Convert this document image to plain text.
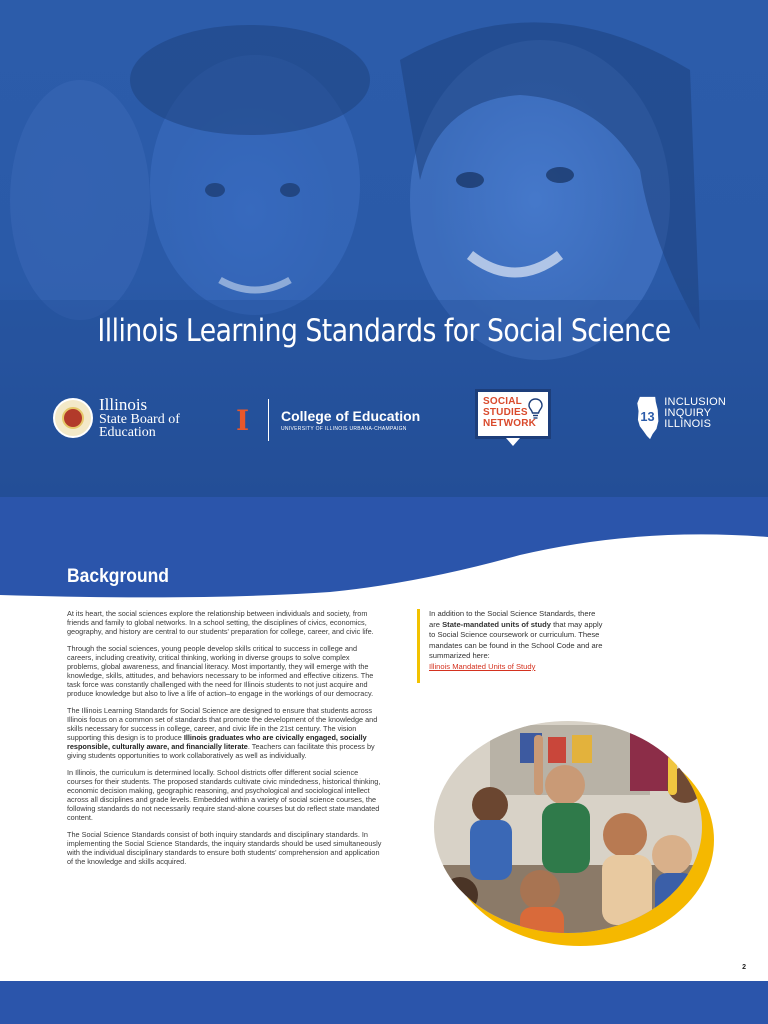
Illinois Learning Standards for Social Science
Illinois
State Board of
Education	I	College of Education
UNIVERSITY OF ILLINOIS URBANA-CHAMPAIGN
SOCIAL
STUDIES
NETWORK	13
INCLUSION
INQUIRY
ILLINOIS
Background

At its heart, the social sciences explore the relationship between individuals and society, from friends and family to global networks. In a school setting, the disciplines of civics, economics, geography, and history are central to our students' preparation for college, career, and civic life.

Through the social sciences, young people develop skills critical to success in college and careers, including creativity, critical thinking, working in diverse groups to solve complex problems, global awareness, and financial literacy. Most importantly, they will emerge with the knowledge, skills, attitudes, and behaviors necessary to be informed and effective citizens. The task force was constantly challenged with the need for Illinois students to not just acquire and produce knowledge but also to live a life of action–to engage in the workings of our democracy.

The Illinois Learning Standards for Social Science are designed to ensure that students across Illinois focus on a common set of standards that promote the development of the knowledge and skills necessary for success in college, career, and civic life in the 21st century. The vision supporting this design is to produce Illinois graduates who are civically engaged, socially responsible, culturally aware, and financially literate. Teachers can facilitate this process by giving students opportunities to work collaboratively as well as individually.

In Illinois, the curriculum is determined locally. School districts offer different social science courses for their students. The proposed standards cultivate civic mindedness, historical thinking, economic decision making, geographic reasoning, and psychological and sociological intellect across all disciplines and grade levels. Embedded within a variety of social science courses, the following standards do not necessarily require stand-alone courses but do reflect state mandated content.

The Social Science Standards consist of both inquiry standards and disciplinary standards. In implementing the Social Science Standards, the inquiry standards should be used simultaneously with the individual disciplinary standards to ensure both students' comprehension and application of the knowledge and skills acquired.

In addition to the Social Science Standards, there are State-mandated units of study that may apply to Social Science coursework or curriculum. These mandates can be found in the School Code and are summarized here:
Illinois Mandated Units of Study
2
